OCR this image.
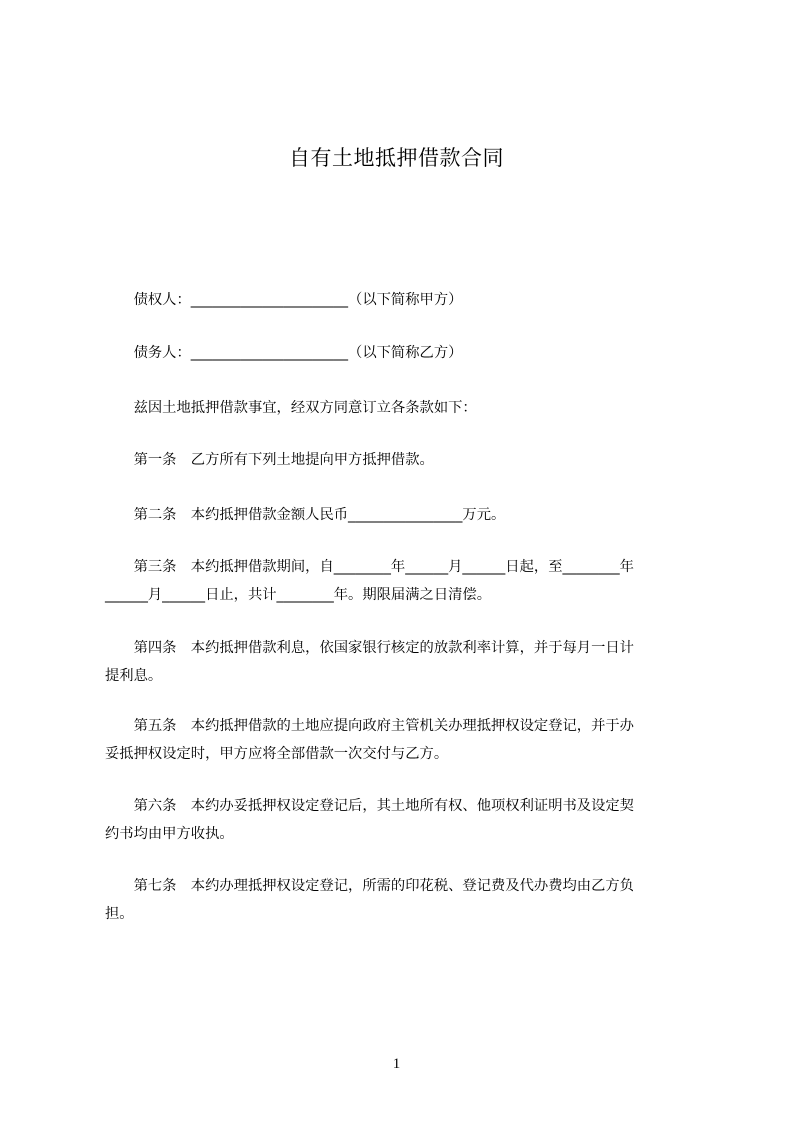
自有土地抵押借款合同
　　债权人：______________________（以下简称甲方）
　　债务人：______________________（以下简称乙方）
　　兹因土地抵押借款事宜，经双方同意订立各条款如下：
　　第一条　乙方所有下列土地提向甲方抵押借款。
　　第二条　本约抵押借款金额人民币________________万元。
　　第三条　本约抵押借款期间，自________年______月______日起，至________年
______月______日止，共计________年。期限届满之日清偿。
　　第四条　本约抵押借款利息，依国家银行核定的放款利率计算，并于每月一日计
提利息。
　　第五条　本约抵押借款的土地应提向政府主管机关办理抵押权设定登记，并于办
妥抵押权设定时，甲方应将全部借款一次交付与乙方。
　　第六条　本约办妥抵押权设定登记后，其土地所有权、他项权利证明书及设定契
约书均由甲方收执。
　　第七条　本约办理抵押权设定登记，所需的印花税、登记费及代办费均由乙方负
担。
1
